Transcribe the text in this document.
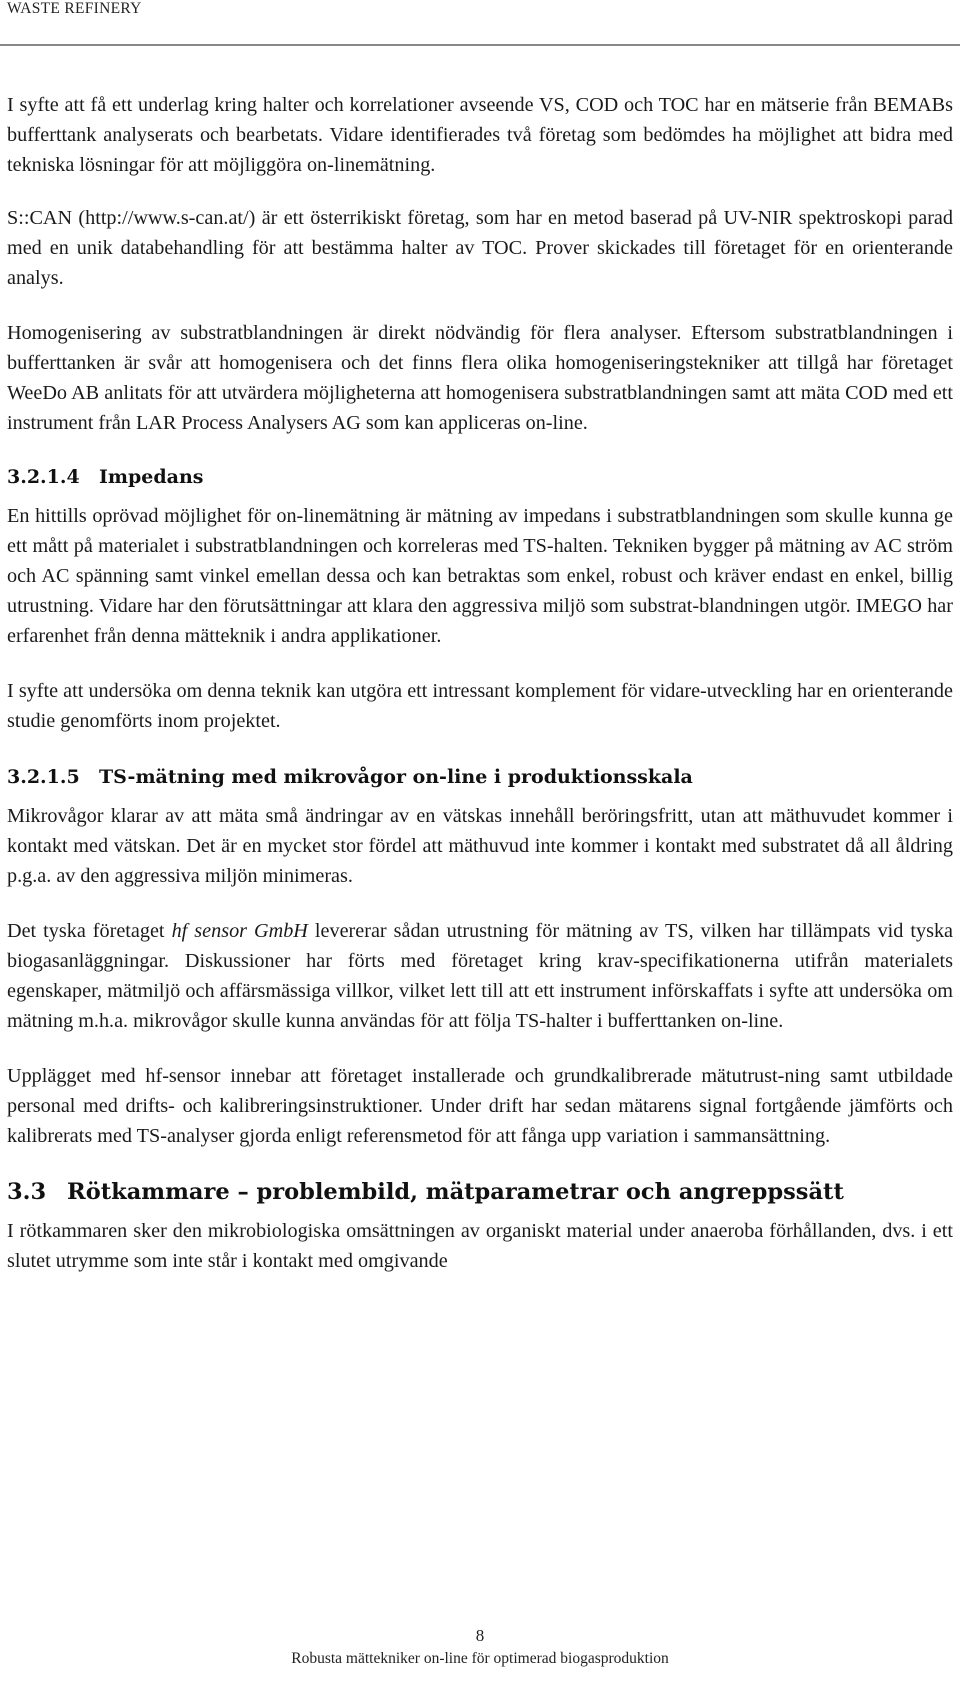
WASTE REFINERY

I syfte att få ett underlag kring halter och korrelationer avseende VS, COD och TOC har en mätserie från BEMABs bufferttank analyserats och bearbetats. Vidare identifierades två företag som bedömdes ha möjlighet att bidra med tekniska lösningar för att möjliggöra on-linemätning.

S::CAN (http://www.s-can.at/) är ett österrikiskt företag, som har en metod baserad på UV-NIR spektroskopi parad med en unik databehandling för att bestämma halter av TOC. Prover skickades till företaget för en orienterande analys.

Homogenisering av substratblandningen är direkt nödvändig för flera analyser. Eftersom substratblandningen i bufferttanken är svår att homogenisera och det finns flera olika homogeniseringstekniker att tillgå har företaget WeeDo AB anlitats för att utvärdera möjligheterna att homogenisera substratblandningen samt att mäta COD med ett instrument från LAR Process Analysers AG som kan appliceras on-line.

3.2.1.4 Impedans

En hittills oprövad möjlighet för on-linemätning är mätning av impedans i substratblandningen som skulle kunna ge ett mått på materialet i substratblandningen och korreleras med TS-halten. Tekniken bygger på mätning av AC ström och AC spänning samt vinkel emellan dessa och kan betraktas som enkel, robust och kräver endast en enkel, billig utrustning. Vidare har den förutsättningar att klara den aggressiva miljö som substrat-blandningen utgör. IMEGO har erfarenhet från denna mätteknik i andra applikationer.

I syfte att undersöka om denna teknik kan utgöra ett intressant komplement för vidare-utveckling har en orienterande studie genomförts inom projektet.

3.2.1.5 TS-mätning med mikrovågor on-line i produktionsskala

Mikrovågor klarar av att mäta små ändringar av en vätskas innehåll beröringsfritt, utan att mäthuvudet kommer i kontakt med vätskan. Det är en mycket stor fördel att mäthuvud inte kommer i kontakt med substratet då all åldring p.g.a. av den aggressiva miljön minimeras.

Det tyska företaget hf sensor GmbH levererar sådan utrustning för mätning av TS, vilken har tillämpats vid tyska biogasanläggningar. Diskussioner har förts med företaget kring krav-specifikationerna utifrån materialets egenskaper, mätmiljö och affärsmässiga villkor, vilket lett till att ett instrument införskaffats i syfte att undersöka om mätning m.h.a. mikrovågor skulle kunna användas för att följa TS-halter i bufferttanken on-line.

Upplägget med hf-sensor innebar att företaget installerade och grundkalibrerade mätutrust-ning samt utbildade personal med drifts- och kalibreringsinstruktioner. Under drift har sedan mätarens signal fortgående jämförts och kalibrerats med TS-analyser gjorda enligt referensmetod för att fånga upp variation i sammansättning.

3.3 Rötkammare – problembild, mätparametrar och angreppssätt

I rötkammaren sker den mikrobiologiska omsättningen av organiskt material under anaeroba förhållanden, dvs. i ett slutet utrymme som inte står i kontakt med omgivande

8
Robusta mättekniker on-line för optimerad biogasproduktion
